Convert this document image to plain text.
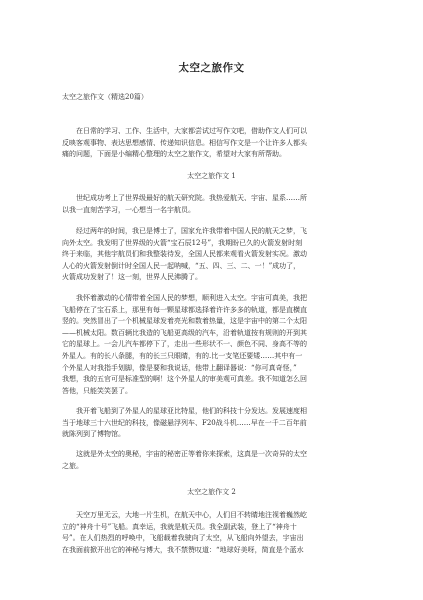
太空之旅作文
太空之旅作文（精选20篇）

　　在日常的学习、工作、生活中，大家都尝试过写作文吧，借助作文人们可以
反映客观事物、表达思想感情、传递知识信息。相信写作文是一个让许多人都头
痛的问题，下面是小编精心整理的太空之旅作文，希望对大家有所帮助。

太空之旅作文 1

　　世纪成功考上了世界级最好的航天研究院。我热爱航天、宇宙、星系……所
以我一直刻苦学习，一心想当一名宇航员。

　　经过两年的时间，我已是博士了，国家允许我带着中国人民的航天之梦，飞
向外太空。我发明了世界级的火箭“宝石辰12号”，我期盼已久的火箭发射时刻
终于来临，其他宇航员们和我整装待发，全国人民都来观看火箭发射实况。激动
人心的火箭发射倒计时全国人民一起呐喊，“五、四、三、二、一！”成功了，
火箭成功发射了！这一刻，世界人民沸腾了。

　　我怀着激动的心情带着全国人民的梦想，顺利进入太空。宇宙可真美，我把
飞船停在了宝石系上，那里有每一颗星球都选择着许许多多的轨道，都是直横直
竖的。突然冒出了一个机械星球发着亮光和数着热量，这是宇宙中的第二个太阳
——机械太阳。数百辆比我造的飞船更高级的汽车，沿着轨道按有规则的开到其
它的星球上。一会儿汽车都停下了，走出一些形状不一、颜色不同、身高不等的
外星人。有的长八条腿，有的长三只眼睛，有的.比一支笔还要矮……其中有一
个外星人对我指手划脚，像是要和我说话，他带上翻译器说：“你可真奇怪，”
我想，我的五官可是标准型的啊！这个外星人的审美观可真差。我不知道怎么回
答他，只能笑笑罢了。

　　我开着飞船到了外星人的星球亚比特星，他们的科技十分发达。发展速度相
当于地球三十六世纪的科技，像磁悬浮列车、F20战斗机……早在一千二百年前
就陈列到了博物馆。

　　这就是外太空的奥秘，宇宙的秘密正等着你来探索，这真是一次奇异的太空
之旅。

太空之旅作文 2

　　天空万里无云，大地一片生机，在航天中心，人们目不转睛地注视着巍然屹
立的“神舟十号”飞船。真幸运，我就是航天员。我全副武装，登上了“神舟十
号”。在人们热烈的呼唤中，飞船载着我驶向了太空，从飞船向外望去，宇宙出
在我面前掀开出它的神秘与博大，我不禁赞叹道：“地球好美呀，简直是个蓝水
